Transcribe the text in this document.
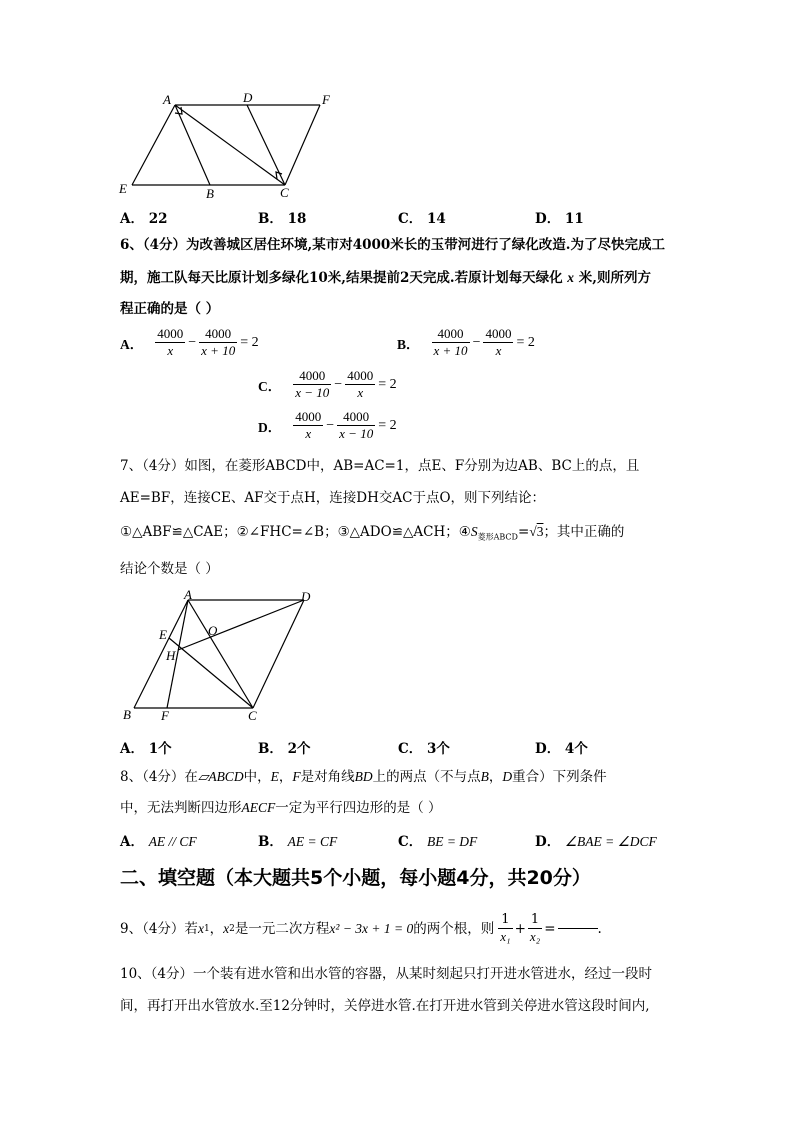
A	D	F
E	B	C
A． 22	B． 18	C． 14	D． 11
6、（4分）为改善城区居住环境,某市对4000米长的玉带河进行了绿化改造.为了尽快完成工
期，施工队每天比原计划多绿化10米,结果提前2天完成.若原计划每天绿化 x 米,则所列方
程正确的是（ ）
A． $\frac{4000}{x} - \frac{4000}{x + 10} = 2$	B． $\frac{4000}{x + 10} - \frac{4000}{x} = 2$
C． $\frac{4000}{x - 10} - \frac{4000}{x} = 2$
D． $\frac{4000}{x} - \frac{4000}{x - 10} = 2$
7、（4分）如图，在菱形ABCD中，AB=AC=1，点E、F分别为边AB、BC上的点，且
AE=BF，连接CE、AF交于点H，连接DH交AC于点O，则下列结论：
①△ABF≌△CAE；②∠FHC=∠B；③△ADO≌△ACH；$④S_{菱形ABCD}=√3$；其中正确的
结论个数是（ ）
A	D
E	O
H
B F	C
A． 1个	B． 2个	C． 3个	D． 4个
8、（4分）在▱ABCD中，E，F是对角线BD上的两点（不与点B，D重合）下列条件
中，无法判断四边形AECF一定为平行四边形的是（ ）
A． AE // CF	B． AE = CF	C． BE = DF	D． ∠BAE = ∠DCF
二、填空题（本大题共5个小题，每小题4分，共20分）
9、（4分）若 x 1 ， x 2 是一元二次方程 x² − 3x + 1 = 0 的两个根，则 $\frac{1}{\text{x₁}} + \frac{1}{\text{x₂}}$ =	.
10、（4分）一个装有进水管和出水管的容器，从某时刻起只打开进水管进水，经过一段时
间，再打开出水管放水.至12分钟时，关停进水管.在打开进水管到关停进水管这段时间内,
